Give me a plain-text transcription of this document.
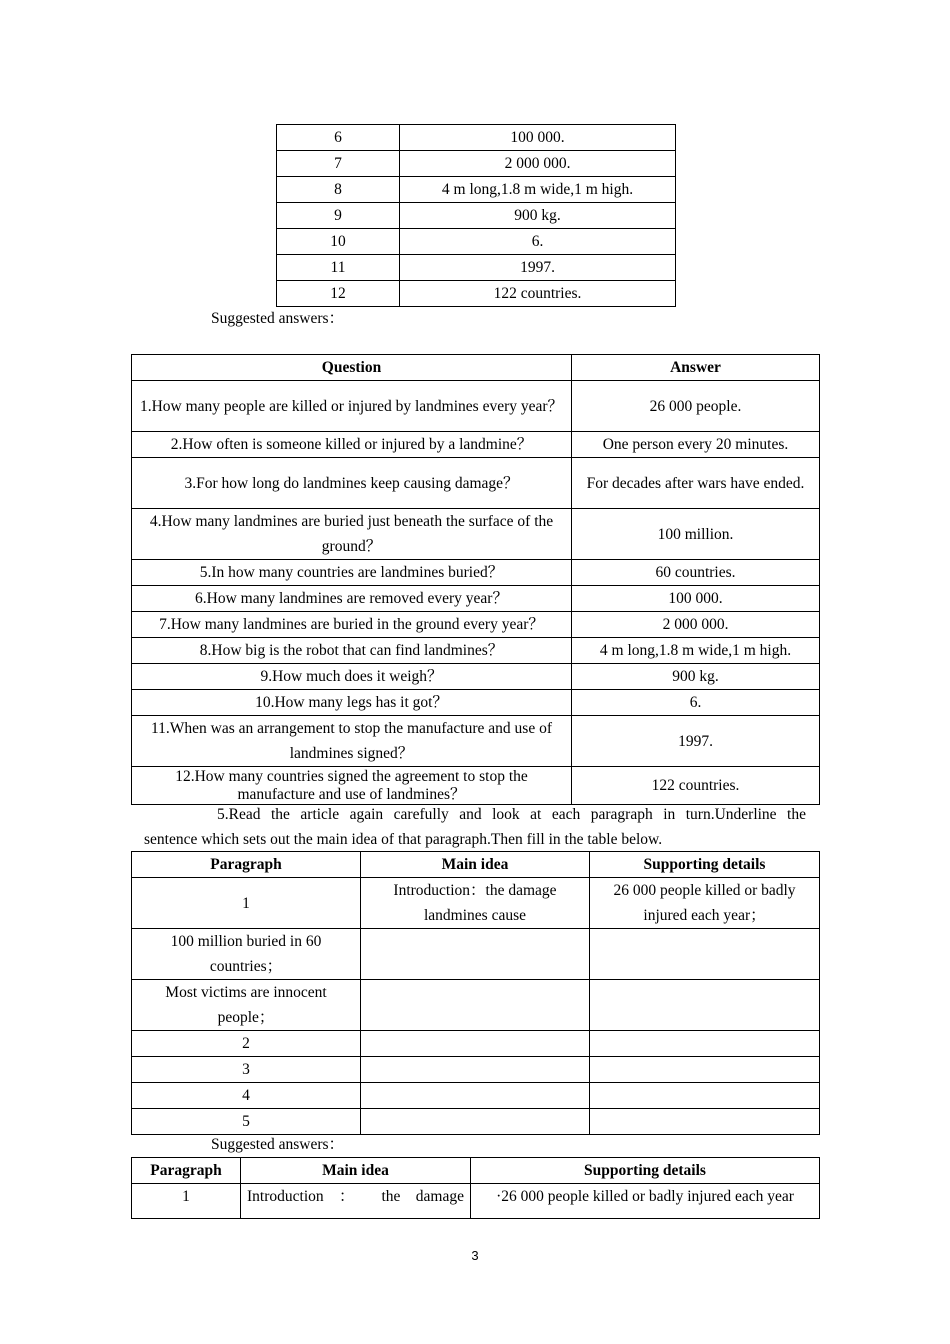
6	100 000.
7	2 000 000.
8	4 m long,1.8 m wide,1 m high.
9	900 kg.
10	6.
11	1997.
12	122 countries.
Suggested answers：
Question	Answer
1.How many people are killed or injured by landmines every year？	26 000 people.
2.How often is someone killed or injured by a landmine？	One person every 20 minutes.
3.For how long do landmines keep causing damage？	For decades after wars have ended.
4.How many landmines are buried just beneath the surface of the ground？	100 million.
5.In how many countries are landmines buried？	60 countries.
6.How many landmines are removed every year？	100 000.
7.How many landmines are buried in the ground every year？	2 000 000.
8.How big is the robot that can find landmines？	4 m long,1.8 m wide,1 m high.
9.How much does it weigh？	900 kg.
10.How many legs has it got？	6.
11.When was an arrangement to stop the manufacture and use of landmines signed？	1997.
12.How many countries signed the agreement to stop the manufacture and use of landmines？	122 countries.
5.Read the article again carefully and look at each paragraph in turn.Underline the
sentence which sets out the main idea of that paragraph.Then fill in the table below.
Paragraph	Main idea	Supporting details
1	Introduction：the damage landmines cause	26 000 people killed or badly injured each year；
100 million buried in 60 countries；		
Most victims are innocent people；		
2		
3		
4		
5		
Suggested answers：
Paragraph	Main idea	Supporting details
1	Introduction ： the damage	·26 000 people killed or badly injured each year
3
